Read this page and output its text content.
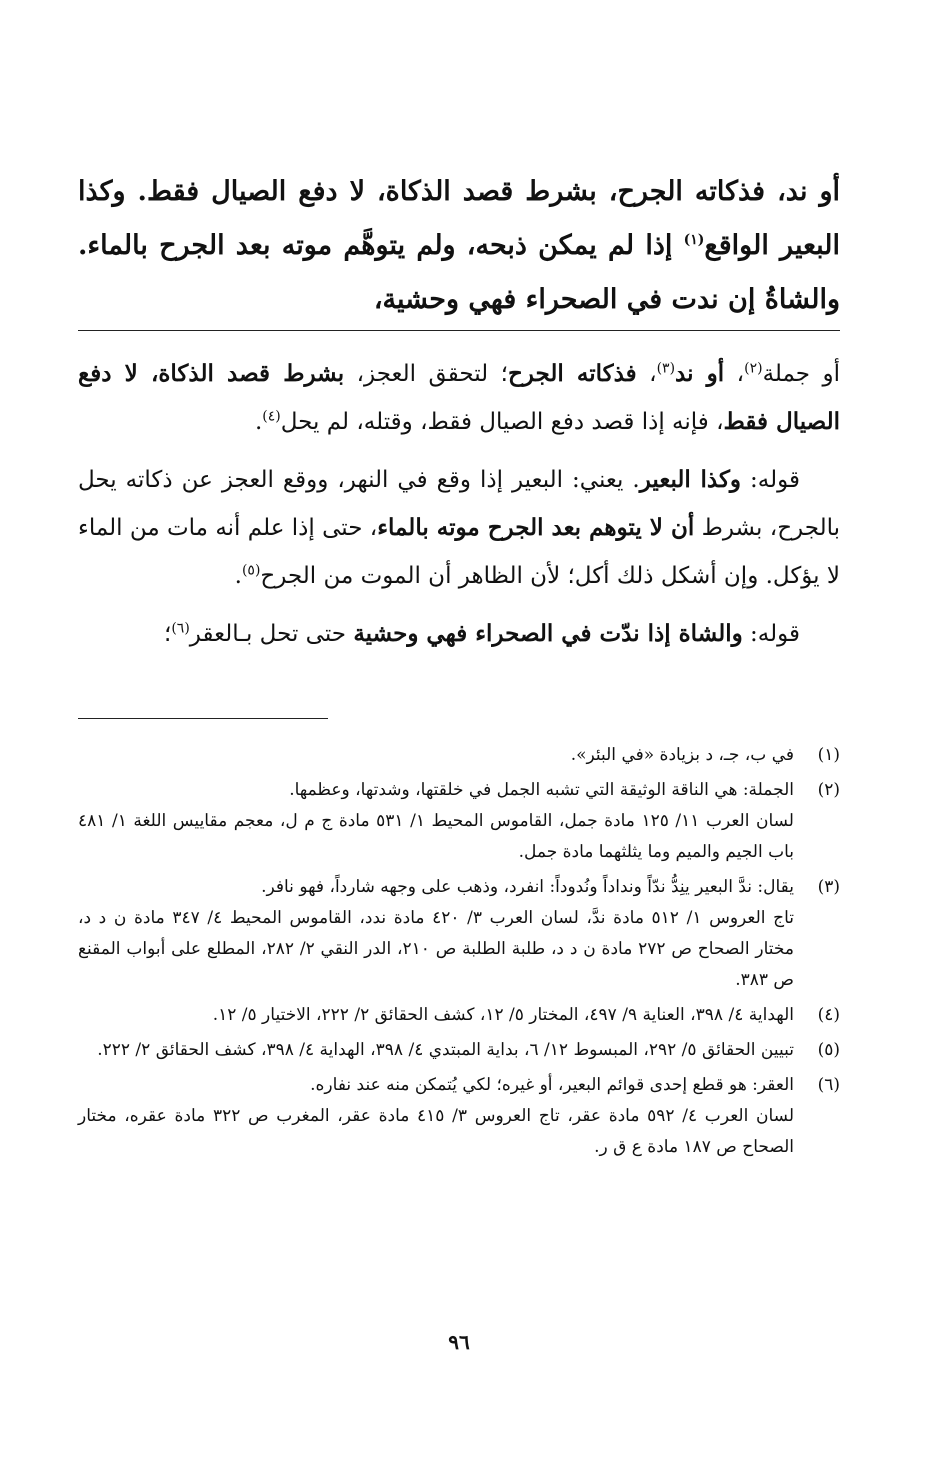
أو ند، فذكاته الجرح، بشرط قصد الذكاة، لا دفع الصيال فقط. وكذا البعير الواقع$^{(١)}$ إذا لم يمكن ذبحه، ولم يتوهَّم موته بعد الجرح بالماء. والشاةُ إن ندت في الصحراء فهي وحشية،

أو جملة$^{(٢)}$، أو ند$^{(٣)}$، فذكاته الجرح؛ لتحقق العجز، بشرط قصد الذكاة، لا دفع الصيال فقط، فإنه إذا قصد دفع الصيال فقط، وقتله، لم يحل$^{(٤)}$.

قوله: وكذا البعير. يعني: البعير إذا وقع في النهر، ووقع العجز عن ذكاته يحل بالجرح، بشرط أن لا يتوهم بعد الجرح موته بالماء، حتى إذا علم أنه مات من الماء لا يؤكل. وإن أشكل ذلك أكل؛ لأن الظاهر أن الموت من الجرح$^{(٥)}$.

قوله: والشاة إذا ندّت في الصحراء فهي وحشية حتى تحل بـالعقر$^{(٦)}$؛

(١)
في ب، جـ، د بزيادة «في البئر».
(٢)
الجملة: هي الناقة الوثيقة التي تشبه الجمل في خلقتها، وشدتها، وعظمها.
لسان العرب ١١/ ١٢٥ مادة جمل، القاموس المحيط ١/ ٥٣١ مادة ج م ل، معجم مقاييس اللغة ١/ ٤٨١ باب الجيم والميم وما يثلثهما مادة جمل.
(٣)
يقال: ندَّ البعير ينِدُّ ندّاً ونداداً ونُدوداً: انفرد، وذهب على وجهه شارداً، فهو نافر.
تاج العروس ١/ ٥١٢ مادة ندَّ، لسان العرب ٣/ ٤٢٠ مادة ندد، القاموس المحيط ٤/ ٣٤٧ مادة ن د د، مختار الصحاح ص ٢٧٢ مادة ن د د، طلبة الطلبة ص ٢١٠، الدر النقي ٢/ ٢٨٢، المطلع على أبواب المقنع ص ٣٨٣.
(٤)
الهداية ٤/ ٣٩٨، العناية ٩/ ٤٩٧، المختار ٥/ ١٢، كشف الحقائق ٢/ ٢٢٢، الاختيار ٥/ ١٢.
(٥)
تبيين الحقائق ٥/ ٢٩٢، المبسوط ١٢/ ٦، بداية المبتدي ٤/ ٣٩٨، الهداية ٤/ ٣٩٨، كشف الحقائق ٢/ ٢٢٢.
(٦)
العقر: هو قطع إحدى قوائم البعير، أو غيره؛ لكي يُتمكن منه عند نفاره.
لسان العرب ٤/ ٥٩٢ مادة عقر، تاج العروس ٣/ ٤١٥ مادة عقر، المغرب ص ٣٢٢ مادة عقره، مختار الصحاح ص ١٨٧ مادة ع ق ر.
٩٦
